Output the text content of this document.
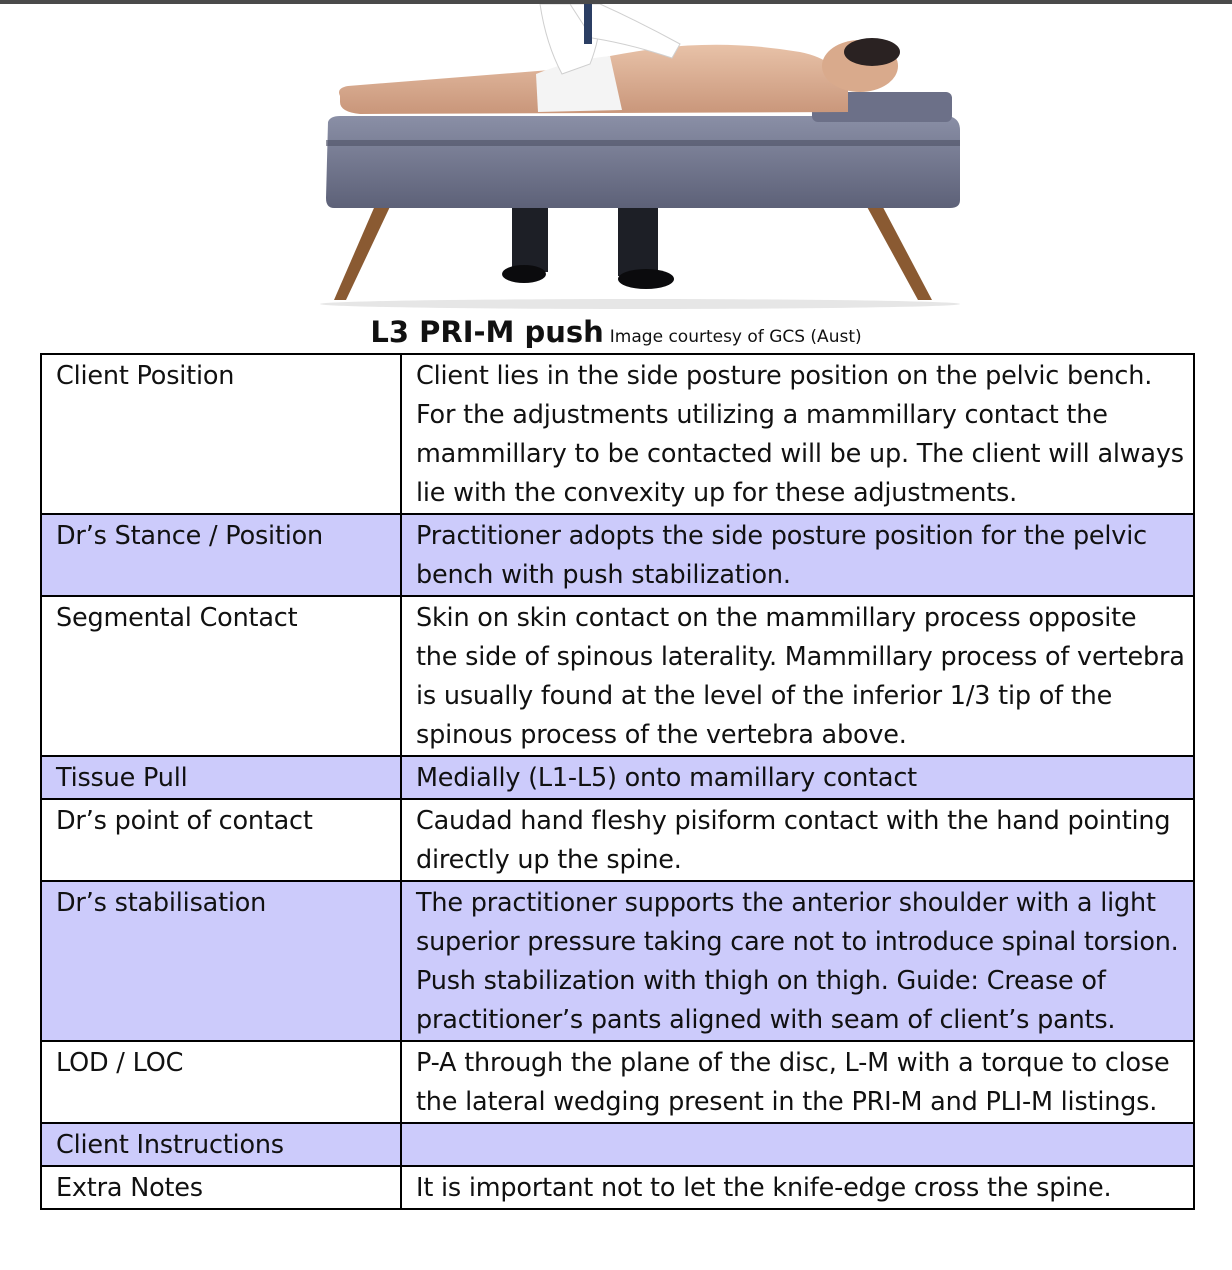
L3 PRI-M push Image courtesy of GCS (Aust)
Client Position	Client lies in the side posture position on the pelvic bench. For the adjustments utilizing a mammillary contact the mammillary to be contacted will be up. The client will always lie with the convexity up for these adjustments.
Dr’s Stance / Position	Practitioner adopts the side posture position for the pelvic bench with push stabilization.
Segmental Contact	Skin on skin contact on the mammillary process opposite the side of spinous laterality. Mammillary process of vertebra is usually found at the level of the inferior 1/3 tip of the spinous process of the vertebra above.
Tissue Pull	Medially (L1-L5) onto mamillary contact
Dr’s point of contact	Caudad hand fleshy pisiform contact with the hand pointing directly up the spine.
Dr’s stabilisation	The practitioner supports the anterior shoulder with a light superior pressure taking care not to introduce spinal torsion. Push stabilization with thigh on thigh. Guide: Crease of practitioner’s pants aligned with seam of client’s pants.
LOD / LOC	P-A through the plane of the disc, L-M with a torque to close the lateral wedging present in the PRI-M and PLI-M listings.
Client Instructions	
Extra Notes	It is important not to let the knife-edge cross the spine.
